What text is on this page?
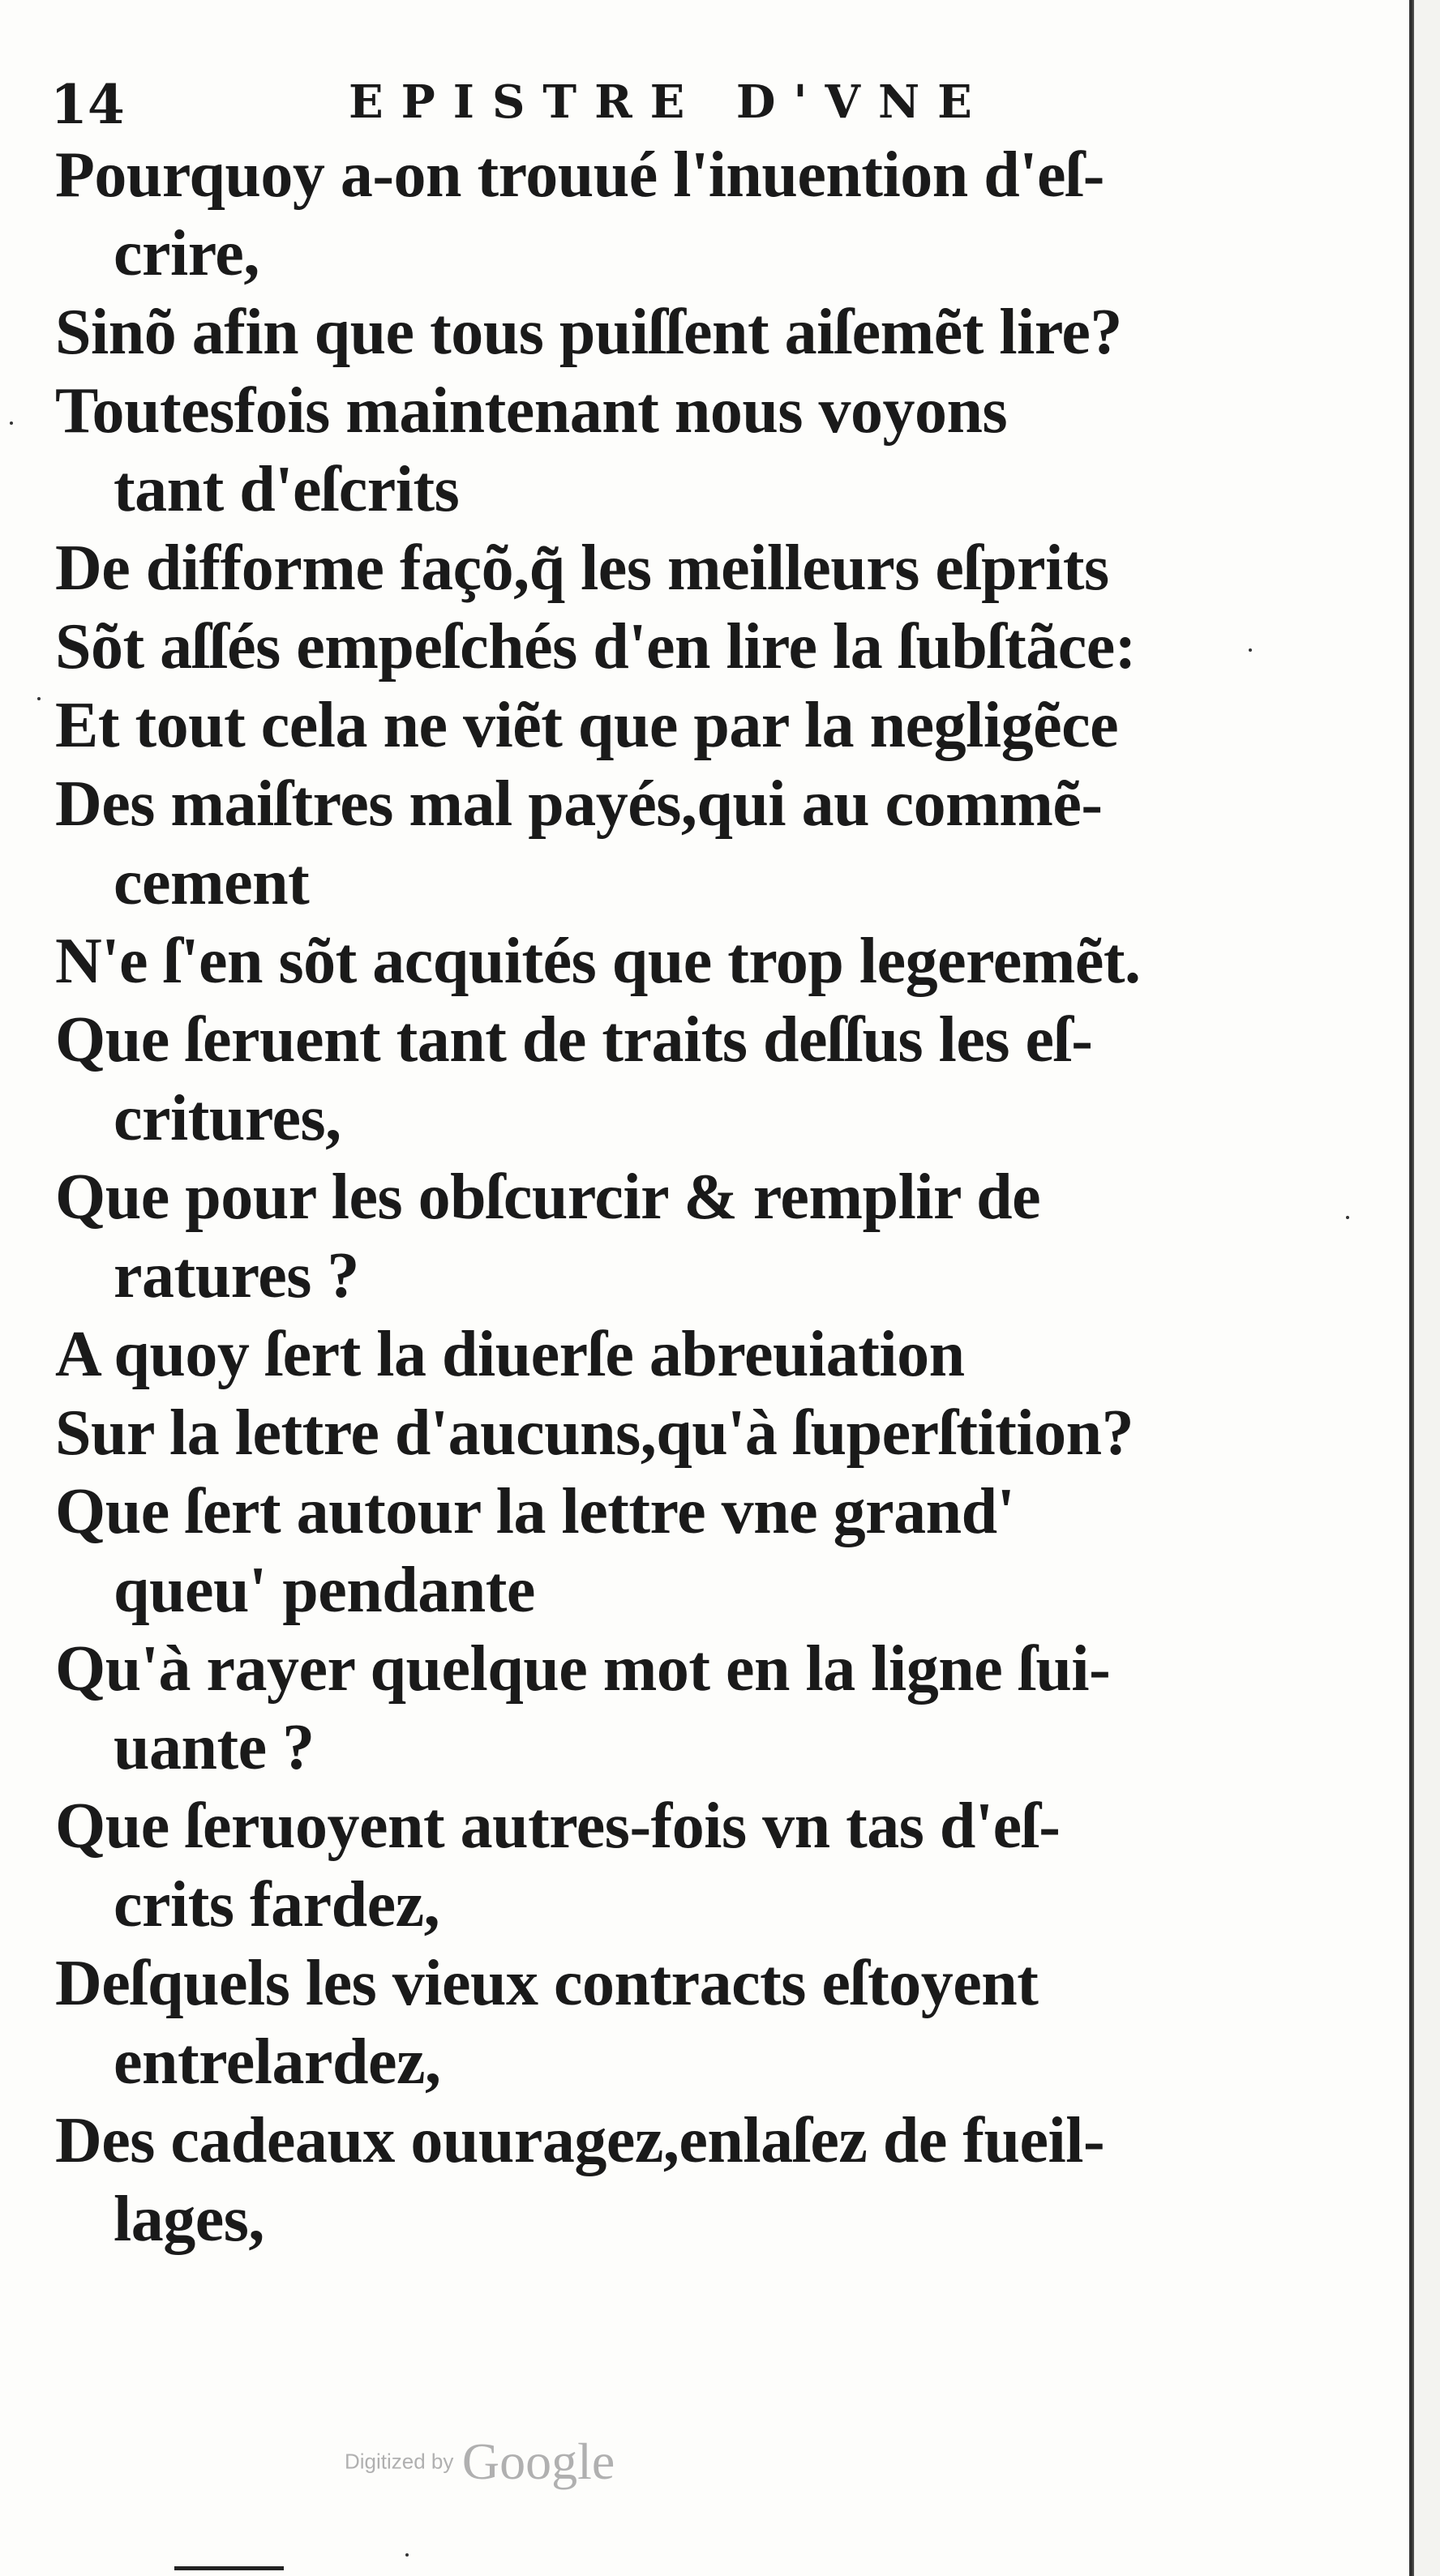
14	EPISTRE D'VNE
Pourquoy a-on trouué l'inuention d'eſ-
crire,
Sinõ afin que tous puiſſent aiſemẽt lire?
Toutesfois maintenant nous voyons
tant d'eſcrits
De difforme façõ,q̃ les meilleurs eſprits
Sõt aſſés empeſchés d'en lire la ſubſtãce:
Et tout cela ne viẽt que par la negligẽce
Des maiſtres mal payés,qui au commẽ-
cement
N'e ſ'en sõt acquités que trop legeremẽt.
Que ſeruent tant de traits deſſus les eſ-
critures,
Que pour les obſcurcir & remplir de
ratures ?
A quoy ſert la diuerſe abreuiation
Sur la lettre d'aucuns,qu'à ſuperſtition?
Que ſert autour la lettre vne grand'
queu' pendante
Qu'à rayer quelque mot en la ligne ſui-
uante ?
Que ſeruoyent autres-fois vn tas d'eſ-
crits fardez,
Deſquels les vieux contracts eſtoyent
entrelardez,
Des cadeaux ouuragez,enlaſez de fueil-
lages,
Digitized by Google
